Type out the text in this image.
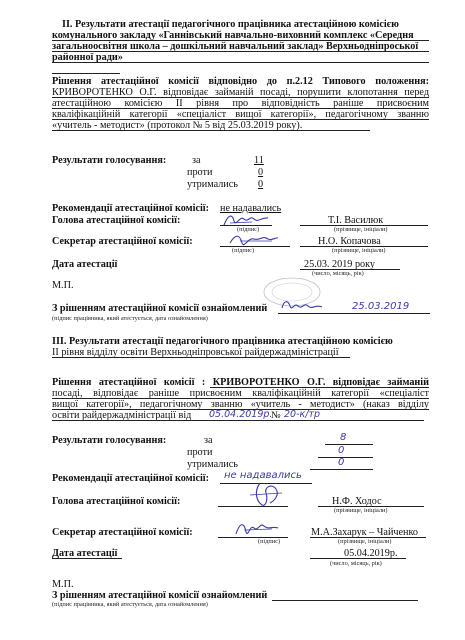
II. Результати атестації педагогічного працівника атестаційною комісією
комунального закладу «Ганнівський навчально-виховний комплекс «Середня
загальноосвітня школа – дошкільний навчальний заклад» Верхньодніпроської
районної ради»
Рішення атестаційної комісії відповідно до п.2.12 Типового положення:
КРИВОРОТЕНКО О.Г. відповідає займаній посаді, порушити клопотання перед
атестаційною комісією II рівня про відповідність раніше присвоєним
кваліфікаційній категорії «спеціаліст вищої категорії», педагогічному званню
«учитель - методист» (протокол № 5 від 25.03.2019 року).
Результати голосування:	за	11
проти	0
утримались 0
Рекомендації атестаційної комісії: не надавались
Голова атестаційної комісії:
(підпис)
Т.І. Василюк
(прізвище, ініціали)
Секретар атестаційної комісії:
(підпис)
Н.О. Копачова
(прізвище, ініціали)
Дата атестації	25.03. 2019 року
(число, місяць, рік)
М.П.
З рішенням атестаційної комісії ознайомлений	25.03.2019
(підпис працівника, який атестується, дата ознайомлення)
III. Результати атестації педагогічного працівника атестаційною комісією
II рівня відділу освіти Верхньодніпровської райдержадміністрації
Рішення атестаційної комісії : КРИВОРОТЕНКО О.Г. відповідає займаній
посаді, відповідає раніше присвоєним кваліфікаційній категорії «спеціаліст
вищої категорії», педагогічному званню «учитель - методист» (наказ відділу
освіти райдержадміністрації від 05.04.2019р.
№ 20-к/тр
Результати голосування:	за	8
проти	0
утримались	0
Рекомендації атестаційної комісії: не надавались
Голова атестаційної комісії:	Н.Ф. Ходос
(прізвище, ініціали)
Секретар атестаційної комісії:
(підпис)
М.А.Захарук – Чайченко
(прізвище, ініціали)
Дата атестації	05.04.2019р.
(число, місяць, рік)
М.П.
З рішенням атестаційної комісії ознайомлений
(підпис працівника, який атестується, дата ознайомлення)
